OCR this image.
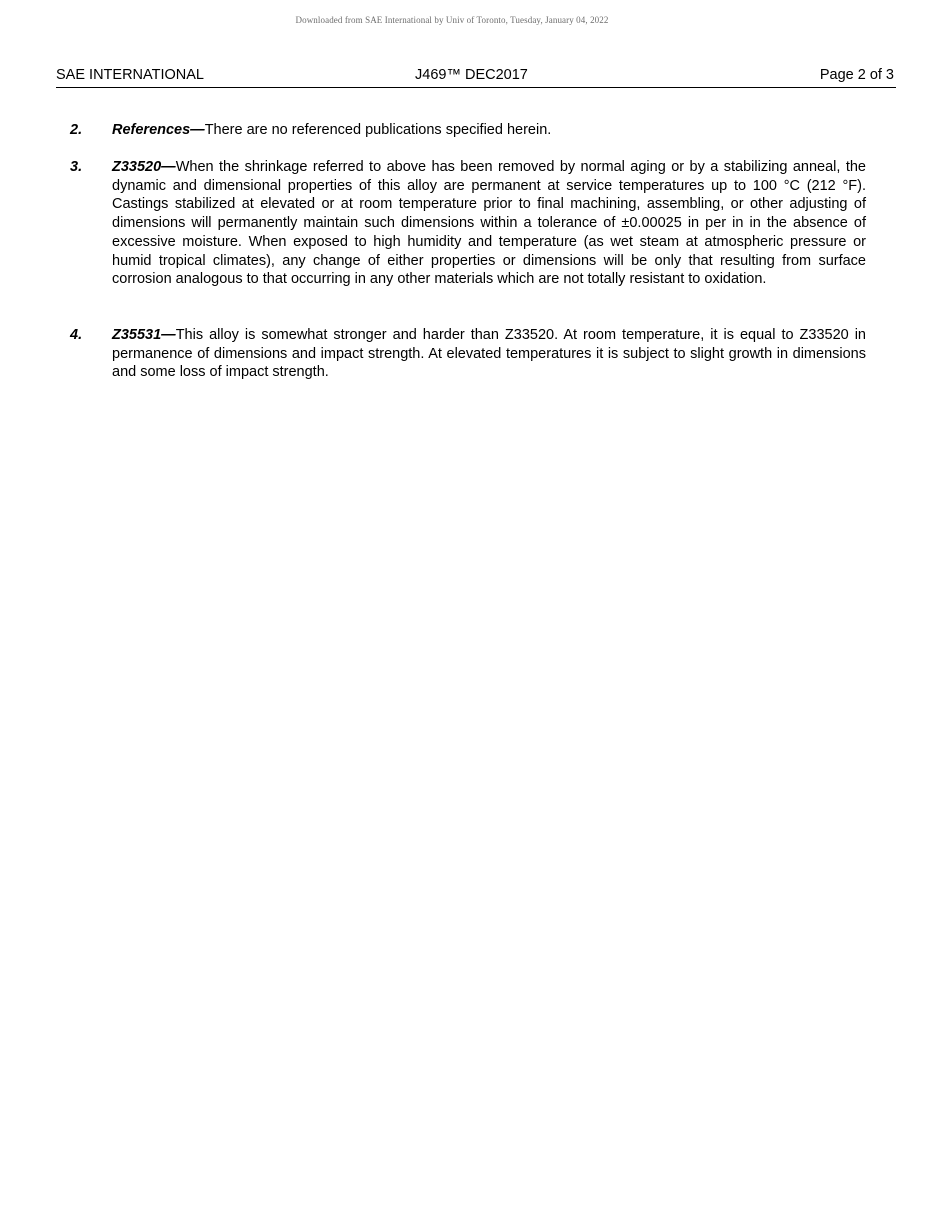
Downloaded from SAE International by Univ of Toronto, Tuesday, January 04, 2022
SAE INTERNATIONAL	J469™ DEC2017	Page 2 of 3
2. References—There are no referenced publications specified herein.
3. Z33520—When the shrinkage referred to above has been removed by normal aging or by a stabilizing anneal, the dynamic and dimensional properties of this alloy are permanent at service temperatures up to 100 °C (212 °F). Castings stabilized at elevated or at room temperature prior to final machining, assembling, or other adjusting of dimensions will permanently maintain such dimensions within a tolerance of ±0.00025 in per in in the absence of excessive moisture. When exposed to high humidity and temperature (as wet steam at atmospheric pressure or humid tropical climates), any change of either properties or dimensions will be only that resulting from surface corrosion analogous to that occurring in any other materials which are not totally resistant to oxidation.
4. Z35531—This alloy is somewhat stronger and harder than Z33520. At room temperature, it is equal to Z33520 in permanence of dimensions and impact strength. At elevated temperatures it is subject to slight growth in dimensions and some loss of impact strength.
